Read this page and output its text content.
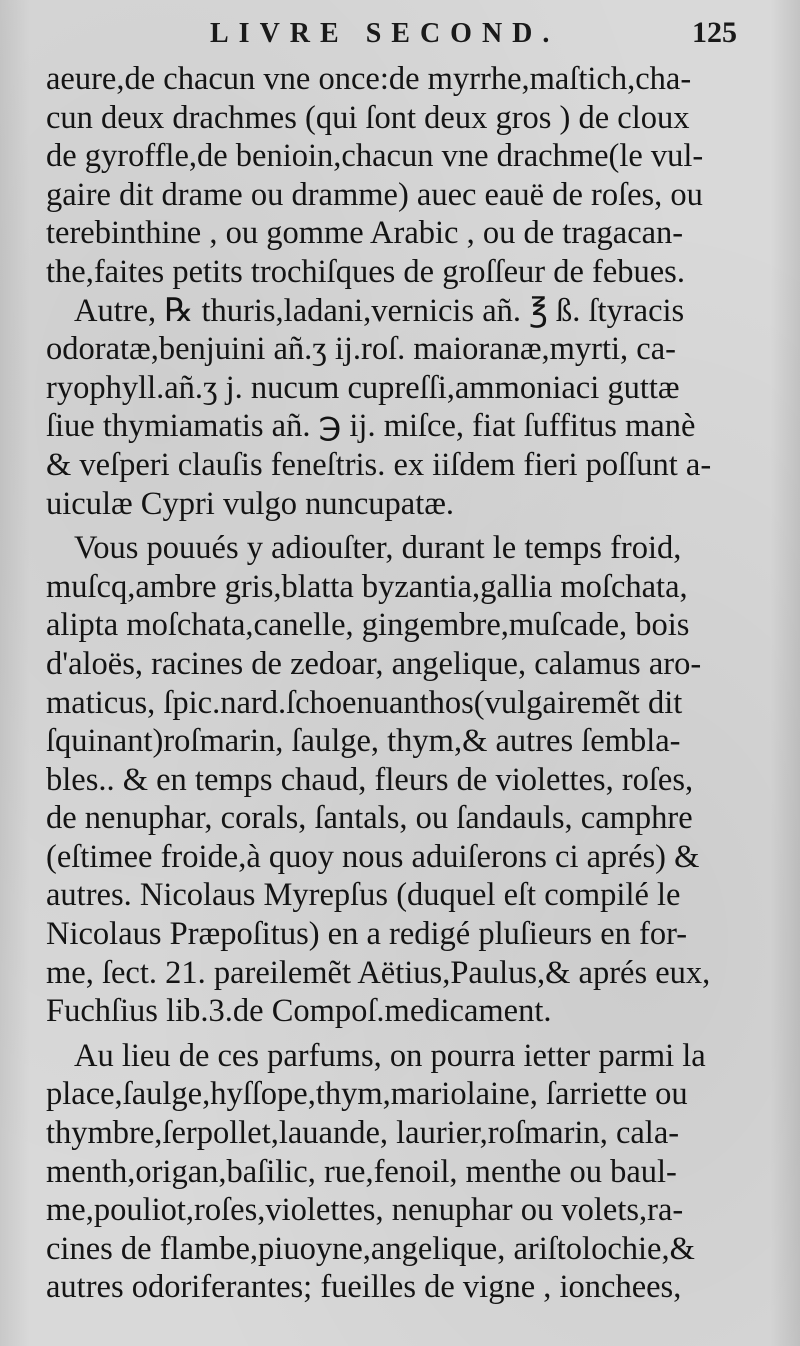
LIVRE SECOND.	125
aeure,de chacun vne once:de myrrhe,maſtich,cha-
cun deux drachmes (qui ſont deux gros ) de cloux
de gyroffle,de benioin,chacun vne drachme(le vul-
gaire dit drame ou dramme) auec eauë de roſes, ou
terebinthine , ou gomme Arabic , ou de tragacan-
the,faites petits trochiſques de groſſeur de febues.
Autre, ℞ thuris,ladani,vernicis añ. ℥ ß. ſtyracis
odoratæ,benjuini añ.ʒ ij.roſ. maioranæ,myrti, ca-
ryophyll.añ.ʒ j. nucum cupreſſi,ammoniaci guttæ
ſiue thymiamatis añ. ℈ ij. miſce, fiat ſuffitus manè
& veſperi clauſis feneſtris. ex iiſdem fieri poſſunt a-
uiculæ Cypri vulgo nuncupatæ.
Vous pouués y adiouſter, durant le temps froid,
muſcq,ambre gris,blatta byzantia,gallia moſchata,
alipta moſchata,canelle, gingembre,muſcade, bois
d'aloës, racines de zedoar, angelique, calamus aro-
maticus, ſpic.nard.ſchoenuanthos(vulgairemẽt dit
ſquinant)roſmarin, ſaulge, thym,& autres ſembla-
bles.. & en temps chaud, fleurs de violettes, roſes,
de nenuphar, corals, ſantals, ou ſandauls, camphre
(eſtimee froide,à quoy nous aduiſerons ci aprés) &
autres. Nicolaus Myrepſus (duquel eſt compilé le
Nicolaus Præpoſitus) en a redigé pluſieurs en for-
me, ſect. 21. pareilemẽt Aëtius,Paulus,& aprés eux,
Fuchſius lib.3.de Compoſ.medicament.
Au lieu de ces parfums, on pourra ietter parmi la
place,ſaulge,hyſſope,thym,mariolaine, ſarriette ou
thymbre,ſerpollet,lauande, laurier,roſmarin, cala-
menth,origan,baſilic, rue,fenoil, menthe ou baul-
me,pouliot,roſes,violettes, nenuphar ou volets,ra-
cines de flambe,piuoyne,angelique, ariſtolochie,&
autres odoriferantes; fueilles de vigne , ionchees,
